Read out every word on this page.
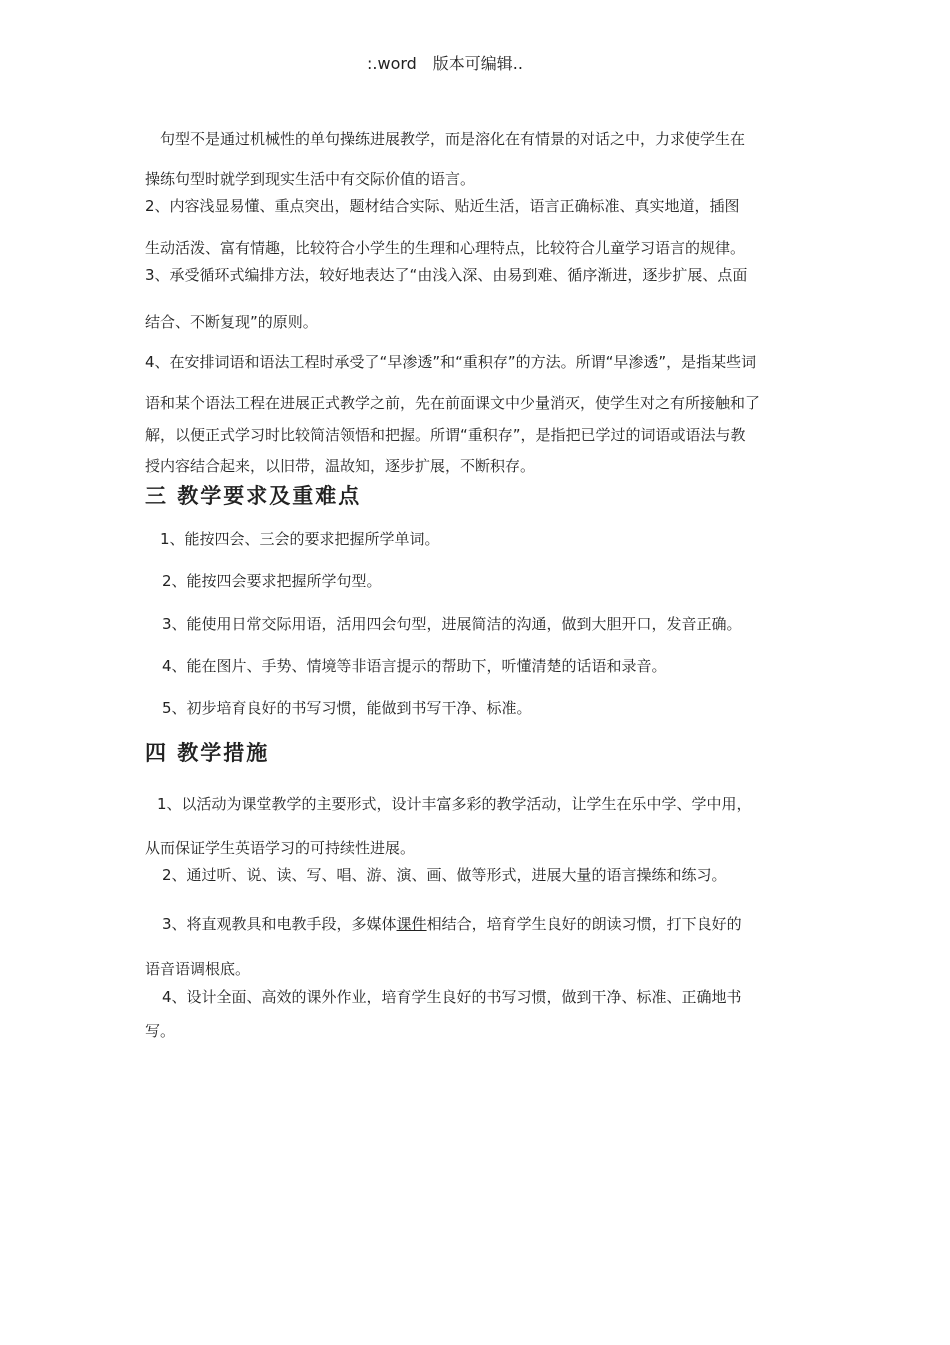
:.word　版本可编辑..
句型不是通过机械性的单句操练进展教学，而是溶化在有情景的对话之中，力求使学生在
操练句型时就学到现实生活中有交际价值的语言。
2、内容浅显易懂、重点突出，题材结合实际、贴近生活，语言正确标准、真实地道，插图
生动活泼、富有情趣，比较符合小学生的生理和心理特点，比较符合儿童学习语言的规律。
3、承受循环式编排方法，较好地表达了“由浅入深、由易到难、循序渐进，逐步扩展、点面
结合、不断复现”的原则。
4、在安排词语和语法工程时承受了“早渗透”和“重积存”的方法。所谓“早渗透”，是指某些词
语和某个语法工程在进展正式教学之前，先在前面课文中少量消灭，使学生对之有所接触和了
解，以便正式学习时比较简洁领悟和把握。所谓“重积存”，是指把已学过的词语或语法与教
授内容结合起来，以旧带，温故知，逐步扩展，不断积存。
三 教学要求及重难点
1、能按四会、三会的要求把握所学单词。
2、能按四会要求把握所学句型。
3、能使用日常交际用语，活用四会句型，进展简洁的沟通，做到大胆开口，发音正确。
4、能在图片、手势、情境等非语言提示的帮助下，听懂清楚的话语和录音。
5、初步培育良好的书写习惯，能做到书写干净、标准。
四 教学措施
1、以活动为课堂教学的主要形式，设计丰富多彩的教学活动，让学生在乐中学、学中用，
从而保证学生英语学习的可持续性进展。
2、通过听、说、读、写、唱、游、演、画、做等形式，进展大量的语言操练和练习。
3、将直观教具和电教手段，多媒体课件相结合，培育学生良好的朗读习惯，打下良好的
语音语调根底。
4、设计全面、高效的课外作业，培育学生良好的书写习惯，做到干净、标准、正确地书
写。
